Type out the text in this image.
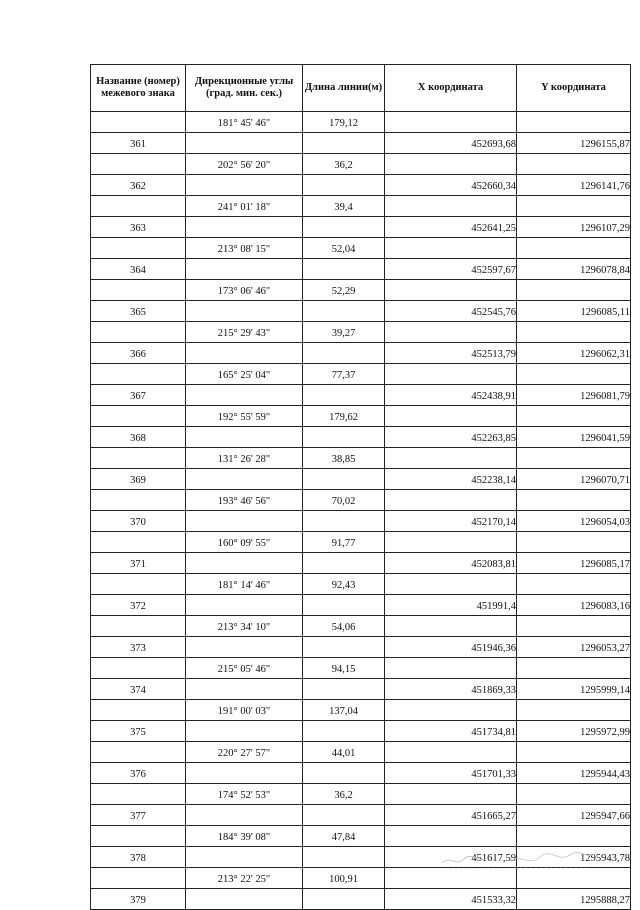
Название (номер) межевого знака	Дирекционные углы (град. мин. сек.)	Длина линии(м)	X координата	Y координата
	181° 45' 46"	179,12		
361			452693,68	1296155,87
	202° 56' 20"	36,2		
362			452660,34	1296141,76
	241° 01' 18"	39,4		
363			452641,25	1296107,29
	213° 08' 15"	52,04		
364			452597,67	1296078,84
	173° 06' 46"	52,29		
365			452545,76	1296085,11
	215° 29' 43"	39,27		
366			452513,79	1296062,31
	165° 25' 04"	77,37		
367			452438,91	1296081,79
	192° 55' 59"	179,62		
368			452263,85	1296041,59
	131° 26' 28"	38,85		
369			452238,14	1296070,71
	193° 46' 56"	70,02		
370			452170,14	1296054,03
	160° 09' 55"	91,77		
371			452083,81	1296085,17
	181° 14' 46"	92,43		
372			451991,4	1296083,16
	213° 34' 10"	54,06		
373			451946,36	1296053,27
	215° 05' 46"	94,15		
374			451869,33	1295999,14
	191° 00' 03"	137,04		
375			451734,81	1295972,99
	220° 27' 57"	44,01		
376			451701,33	1295944,43
	174° 52' 53"	36,2		
377			451665,27	1295947,66
	184° 39' 08"	47,84		
378			451617,59	1295943,78
	213° 22' 25"	100,91		
379			451533,32	1295888,27
